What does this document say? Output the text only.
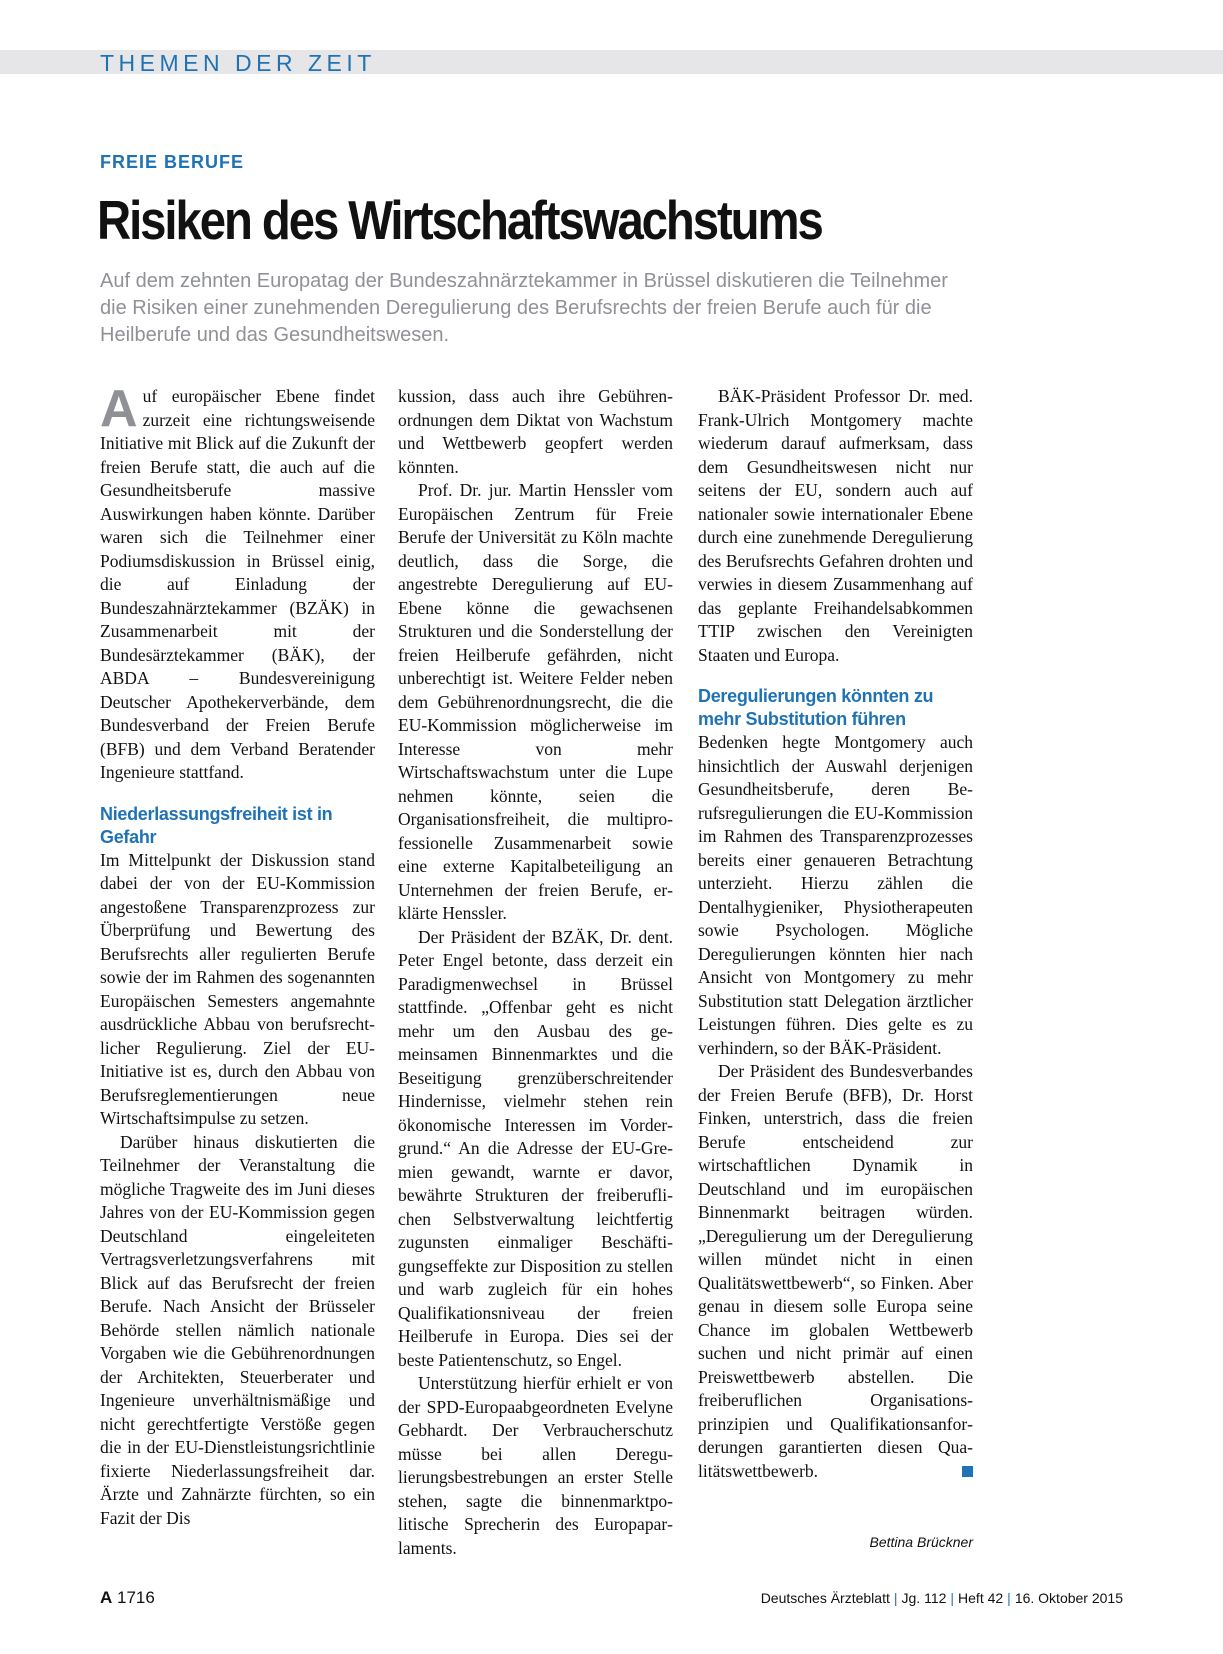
THEMEN DER ZEIT
FREIE BERUFE
Risiken des Wirtschaftswachstums
Auf dem zehnten Europatag der Bundeszahnärztekammer in Brüssel diskutieren die Teilnehmer die Risiken einer zunehmenden Deregulierung des Berufsrechts der freien Berufe auch für die Heilberufe und das Gesundheitswesen.

Auf europäischer Ebene findet zurzeit eine richtungsweisende Initiative mit Blick auf die Zukunft der freien Berufe statt, die auch auf die Gesundheitsberufe massive Auswirkungen haben könnte. Darüber waren sich die Teilnehmer einer Podiumsdiskussion in Brüssel einig, die auf Einladung der Bundeszahnärztekammer (BZÄK) in Zusammenarbeit mit der Bundesärztekammer (BÄK), der ABDA – Bundesvereinigung Deutscher Apothekerverbände, dem Bundesverband der Freien Berufe (BFB) und dem Verband Beratender Ingenieure stattfand.

Niederlassungsfreiheit ist in Gefahr

Im Mittelpunkt der Diskussion stand dabei der von der EU-Kommission angestoßene Transparenzprozess zur Überprüfung und Bewertung des Berufsrechts aller regulierten Berufe sowie der im Rahmen des sogenannten Europäischen Semesters angemahnte ausdrückliche Abbau von berufsrechtlicher Regulierung. Ziel der EU-Initiative ist es, durch den Abbau von Berufsreglementierungen neue Wirtschaftsimpulse zu setzen.

Darüber hinaus diskutierten die Teilnehmer der Veranstaltung die mögliche Tragweite des im Juni dieses Jahres von der EU-Kommission gegen Deutschland eingeleiteten Vertragsverletzungsverfahrens mit Blick auf das Berufsrecht der freien Berufe. Nach Ansicht der Brüsseler Behörde stellen nämlich nationale Vorgaben wie die Gebührenordnungen der Architekten, Steuerberater und Ingenieure unverhältnismäßige und nicht gerechtfertigte Verstöße gegen die in der EU-Dienstleistungsrichtlinie fixierte Niederlassungsfreiheit dar. Ärzte und Zahnärzte fürchten, so ein Fazit der Dis

kussion, dass auch ihre Gebührenordnungen dem Diktat von Wachstum und Wettbewerb geopfert werden könnten.

Prof. Dr. jur. Martin Henssler vom Europäischen Zentrum für Freie Berufe der Universität zu Köln machte deutlich, dass die Sorge, die angestrebte Deregulierung auf EU-Ebene könne die gewachsenen Strukturen und die Sonderstellung der freien Heilberufe gefährden, nicht unberechtigt ist. Weitere Felder neben dem Gebührenordnungsrecht, die die EU-Kommission möglicherweise im Interesse von mehr Wirtschaftswachstum unter die Lupe nehmen könnte, seien die Organisationsfreiheit, die multiprofessionelle Zusammenarbeit sowie eine externe Kapitalbeteiligung an Unternehmen der freien Berufe, erklärte Henssler.

Der Präsident der BZÄK, Dr. dent. Peter Engel betonte, dass derzeit ein Paradigmenwechsel in Brüssel stattfinde. „Offenbar geht es nicht mehr um den Ausbau des gemeinsamen Binnenmarktes und die Beseitigung grenzüberschreitender Hindernisse, vielmehr stehen rein ökonomische Interessen im Vordergrund.“ An die Adresse der EU-Gremien gewandt, warnte er davor, bewährte Strukturen der freiberuflichen Selbstverwaltung leichtfertig zugunsten einmaliger Beschäftigungseffekte zur Disposition zu stellen und warb zugleich für ein hohes Qualifikationsniveau der freien Heilberufe in Europa. Dies sei der beste Patientenschutz, so Engel.

Unterstützung hierfür erhielt er von der SPD-Europaabgeordneten Evelyne Gebhardt. Der Verbraucherschutz müsse bei allen Deregulierungsbestrebungen an erster Stelle stehen, sagte die binnenmarktpolitische Sprecherin des Europaparlaments.

BÄK-Präsident Professor Dr. med. Frank-Ulrich Montgomery machte wiederum darauf aufmerksam, dass dem Gesundheitswesen nicht nur seitens der EU, sondern auch auf nationaler sowie internationaler Ebene durch eine zunehmende Deregulierung des Berufsrechts Gefahren drohten und verwies in diesem Zusammenhang auf das geplante Freihandelsabkommen TTIP zwischen den Vereinigten Staaten und Europa.

Deregulierungen könnten zu mehr Substitution führen

Bedenken hegte Montgomery auch hinsichtlich der Auswahl derjenigen Gesundheitsberufe, deren Berufsregulierungen die EU-Kommission im Rahmen des Transparenzprozesses bereits einer genaueren Betrachtung unterzieht. Hierzu zählen die Dentalhygieniker, Physiotherapeuten sowie Psychologen. Mögliche Deregulierungen könnten hier nach Ansicht von Montgomery zu mehr Substitution statt Delegation ärztlicher Leistungen führen. Dies gelte es zu verhindern, so der BÄK-Präsident.

Der Präsident des Bundesverbandes der Freien Berufe (BFB), Dr. Horst Finken, unterstrich, dass die freien Berufe entscheidend zur wirtschaftlichen Dynamik in Deutschland und im europäischen Binnenmarkt beitragen würden. „Deregulierung um der Deregulierung willen mündet nicht in einen Qualitätswettbewerb“, so Finken. Aber genau in diesem solle Europa seine Chance im globalen Wettbewerb suchen und nicht primär auf einen Preiswettbewerb abstellen. Die freiberuflichen Organisationsprinzipien und Qualifikationsanforderungen garantierten diesen Qualitätswettbewerb.

Bettina Brückner
A 1716	Deutsches Ärzteblatt | Jg. 112 | Heft 42 | 16. Oktober 2015
